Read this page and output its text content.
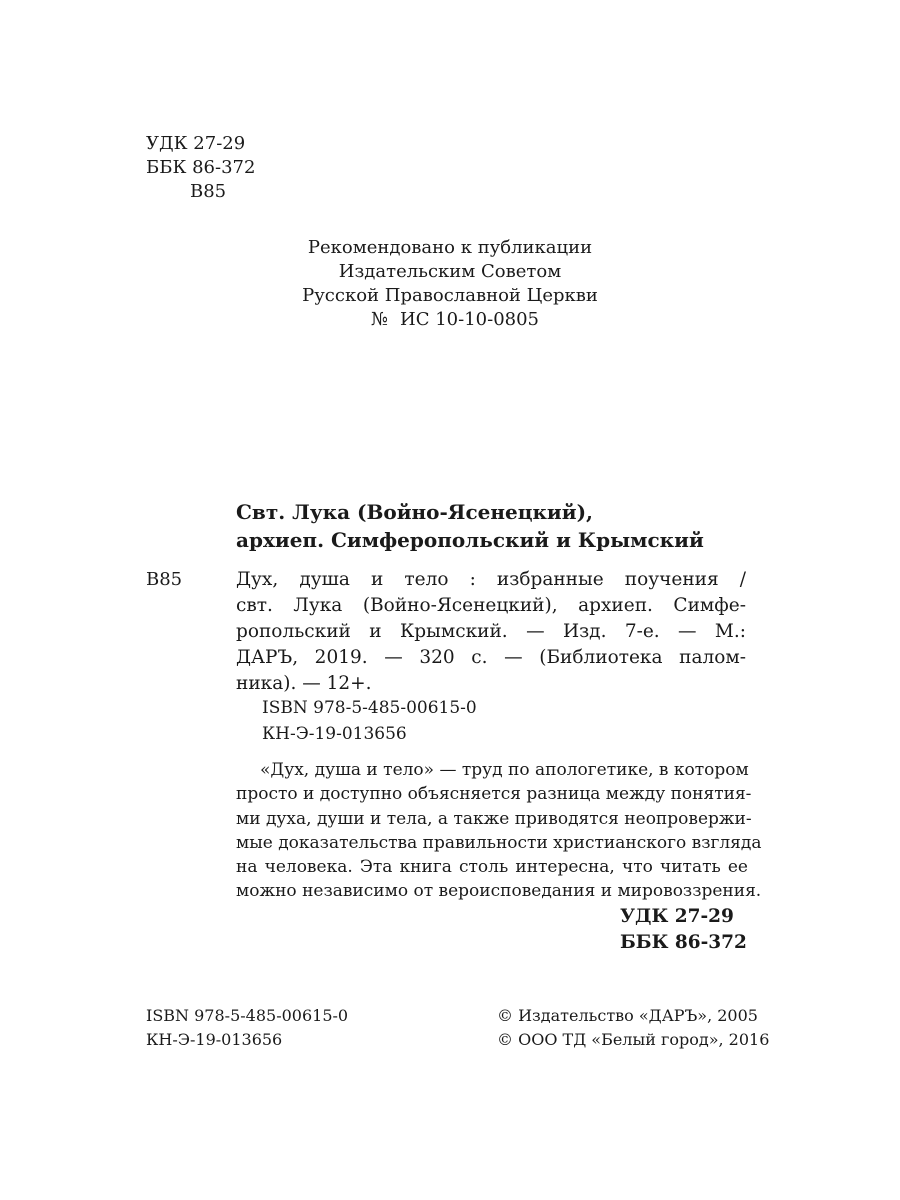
УДК 27-29
ББК 86-372
В85
Рекомендовано к публикации
Издательским Советом
Русской Православной Церкви
№ ИС 10-10-0805
Свт. Лука (Войно-Ясенецкий),
архиеп. Симферопольский и Крымский
В85	Дух, душа и тело : избранные поучения /
свт. Лука (Войно-Ясенецкий), архиеп. Симфе-
ропольский и Крымский. — Изд. 7-е. — М.:
ДАРЪ, 2019. — 320 с. — (Библиотека палом-
ника). — 12+.
ISBN 978-5-485-00615-0
КН-Э-19-013656
«Дух, душа и тело» — труд по апологетике, в котором
просто и доступно объясняется разница между понятия-
ми духа, души и тела, а также приводятся неопровержи-
мые доказательства правильности христианского взгляда
на человека. Эта книга столь интересна, что читать ее
можно независимо от вероисповедания и мировоззрения.
УДК 27-29
ББК 86-372
ISBN 978-5-485-00615-0
КН-Э-19-013656
© Издательство «ДАРЪ», 2005
© ООО ТД «Белый город», 2016
